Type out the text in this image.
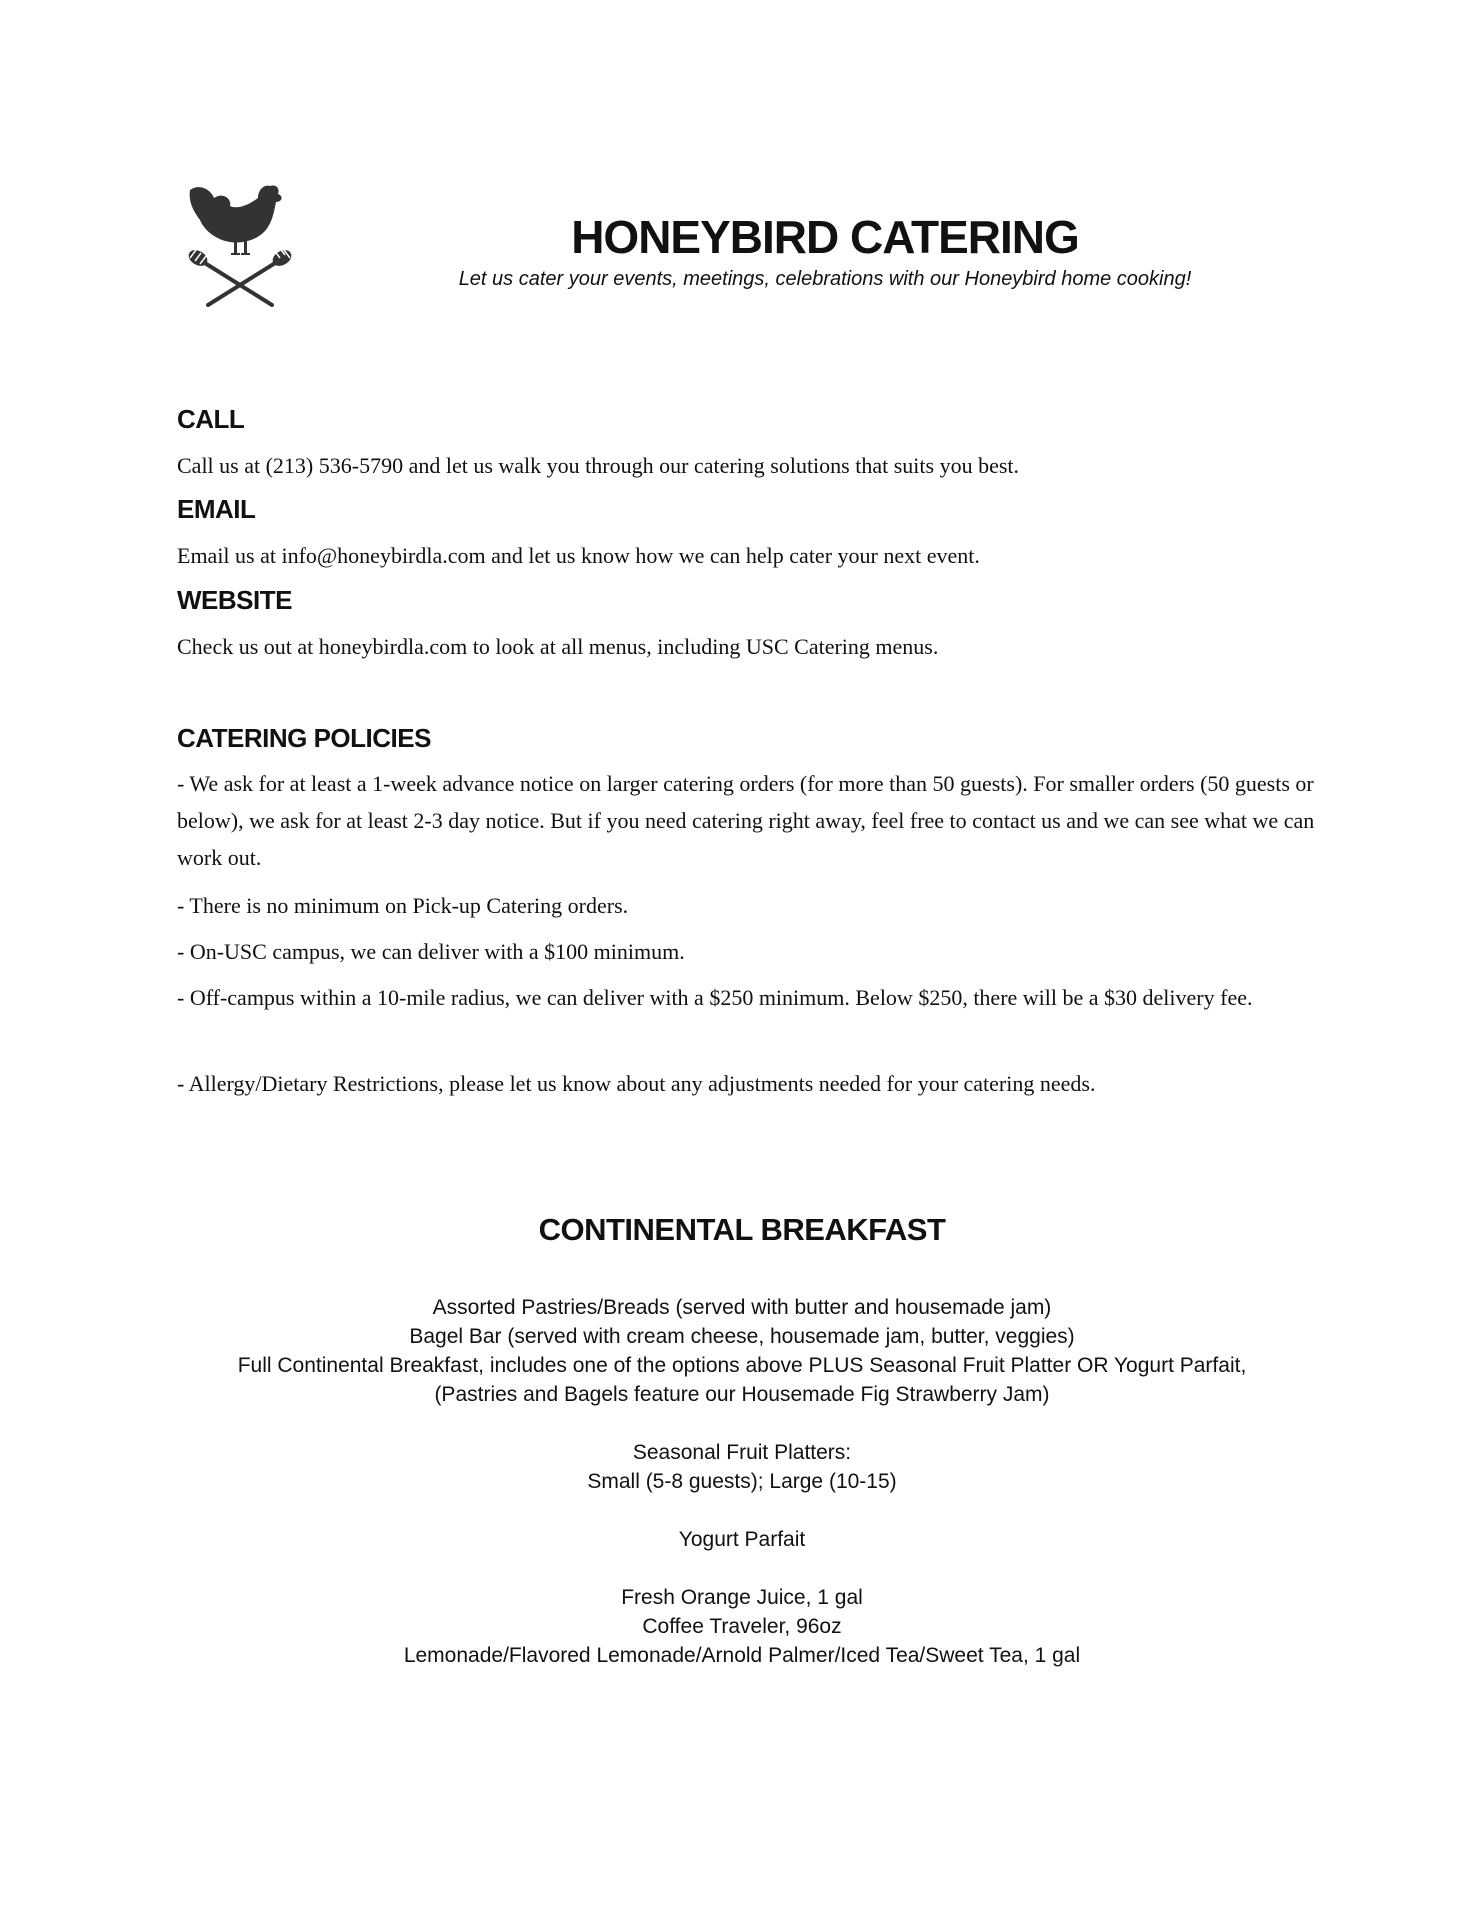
HONEYBIRD CATERING
Let us cater your events, meetings, celebrations with our Honeybird home cooking!
CALL
Call us at (213) 536-5790 and let us walk you through our catering solutions that suits you best.
EMAIL
Email us at info@honeybirdla.com and let us know how we can help cater your next event.
WEBSITE
Check us out at honeybirdla.com to look at all menus, including USC Catering menus.
CATERING POLICIES
- We ask for at least a 1-week advance notice on larger catering orders (for more than 50 guests). For smaller orders (50 guests or below), we ask for at least 2-3 day notice. But if you need catering right away, feel free to contact us and we can see what we can work out.
- There is no minimum on Pick-up Catering orders.
- On-USC campus, we can deliver with a $100 minimum.
- Off-campus within a 10-mile radius, we can deliver with a $250 minimum. Below $250, there will be a $30 delivery fee.
- Allergy/Dietary Restrictions, please let us know about any adjustments needed for your catering needs.
CONTINENTAL BREAKFAST
Assorted Pastries/Breads (served with butter and housemade jam)
Bagel Bar (served with cream cheese, housemade jam, butter, veggies)
Full Continental Breakfast, includes one of the options above PLUS Seasonal Fruit Platter OR Yogurt Parfait,
(Pastries and Bagels feature our Housemade Fig Strawberry Jam)
Seasonal Fruit Platters:
Small (5-8 guests); Large (10-15)
Yogurt Parfait
Fresh Orange Juice, 1 gal
Coffee Traveler, 96oz
Lemonade/Flavored Lemonade/Arnold Palmer/Iced Tea/Sweet Tea, 1 gal
